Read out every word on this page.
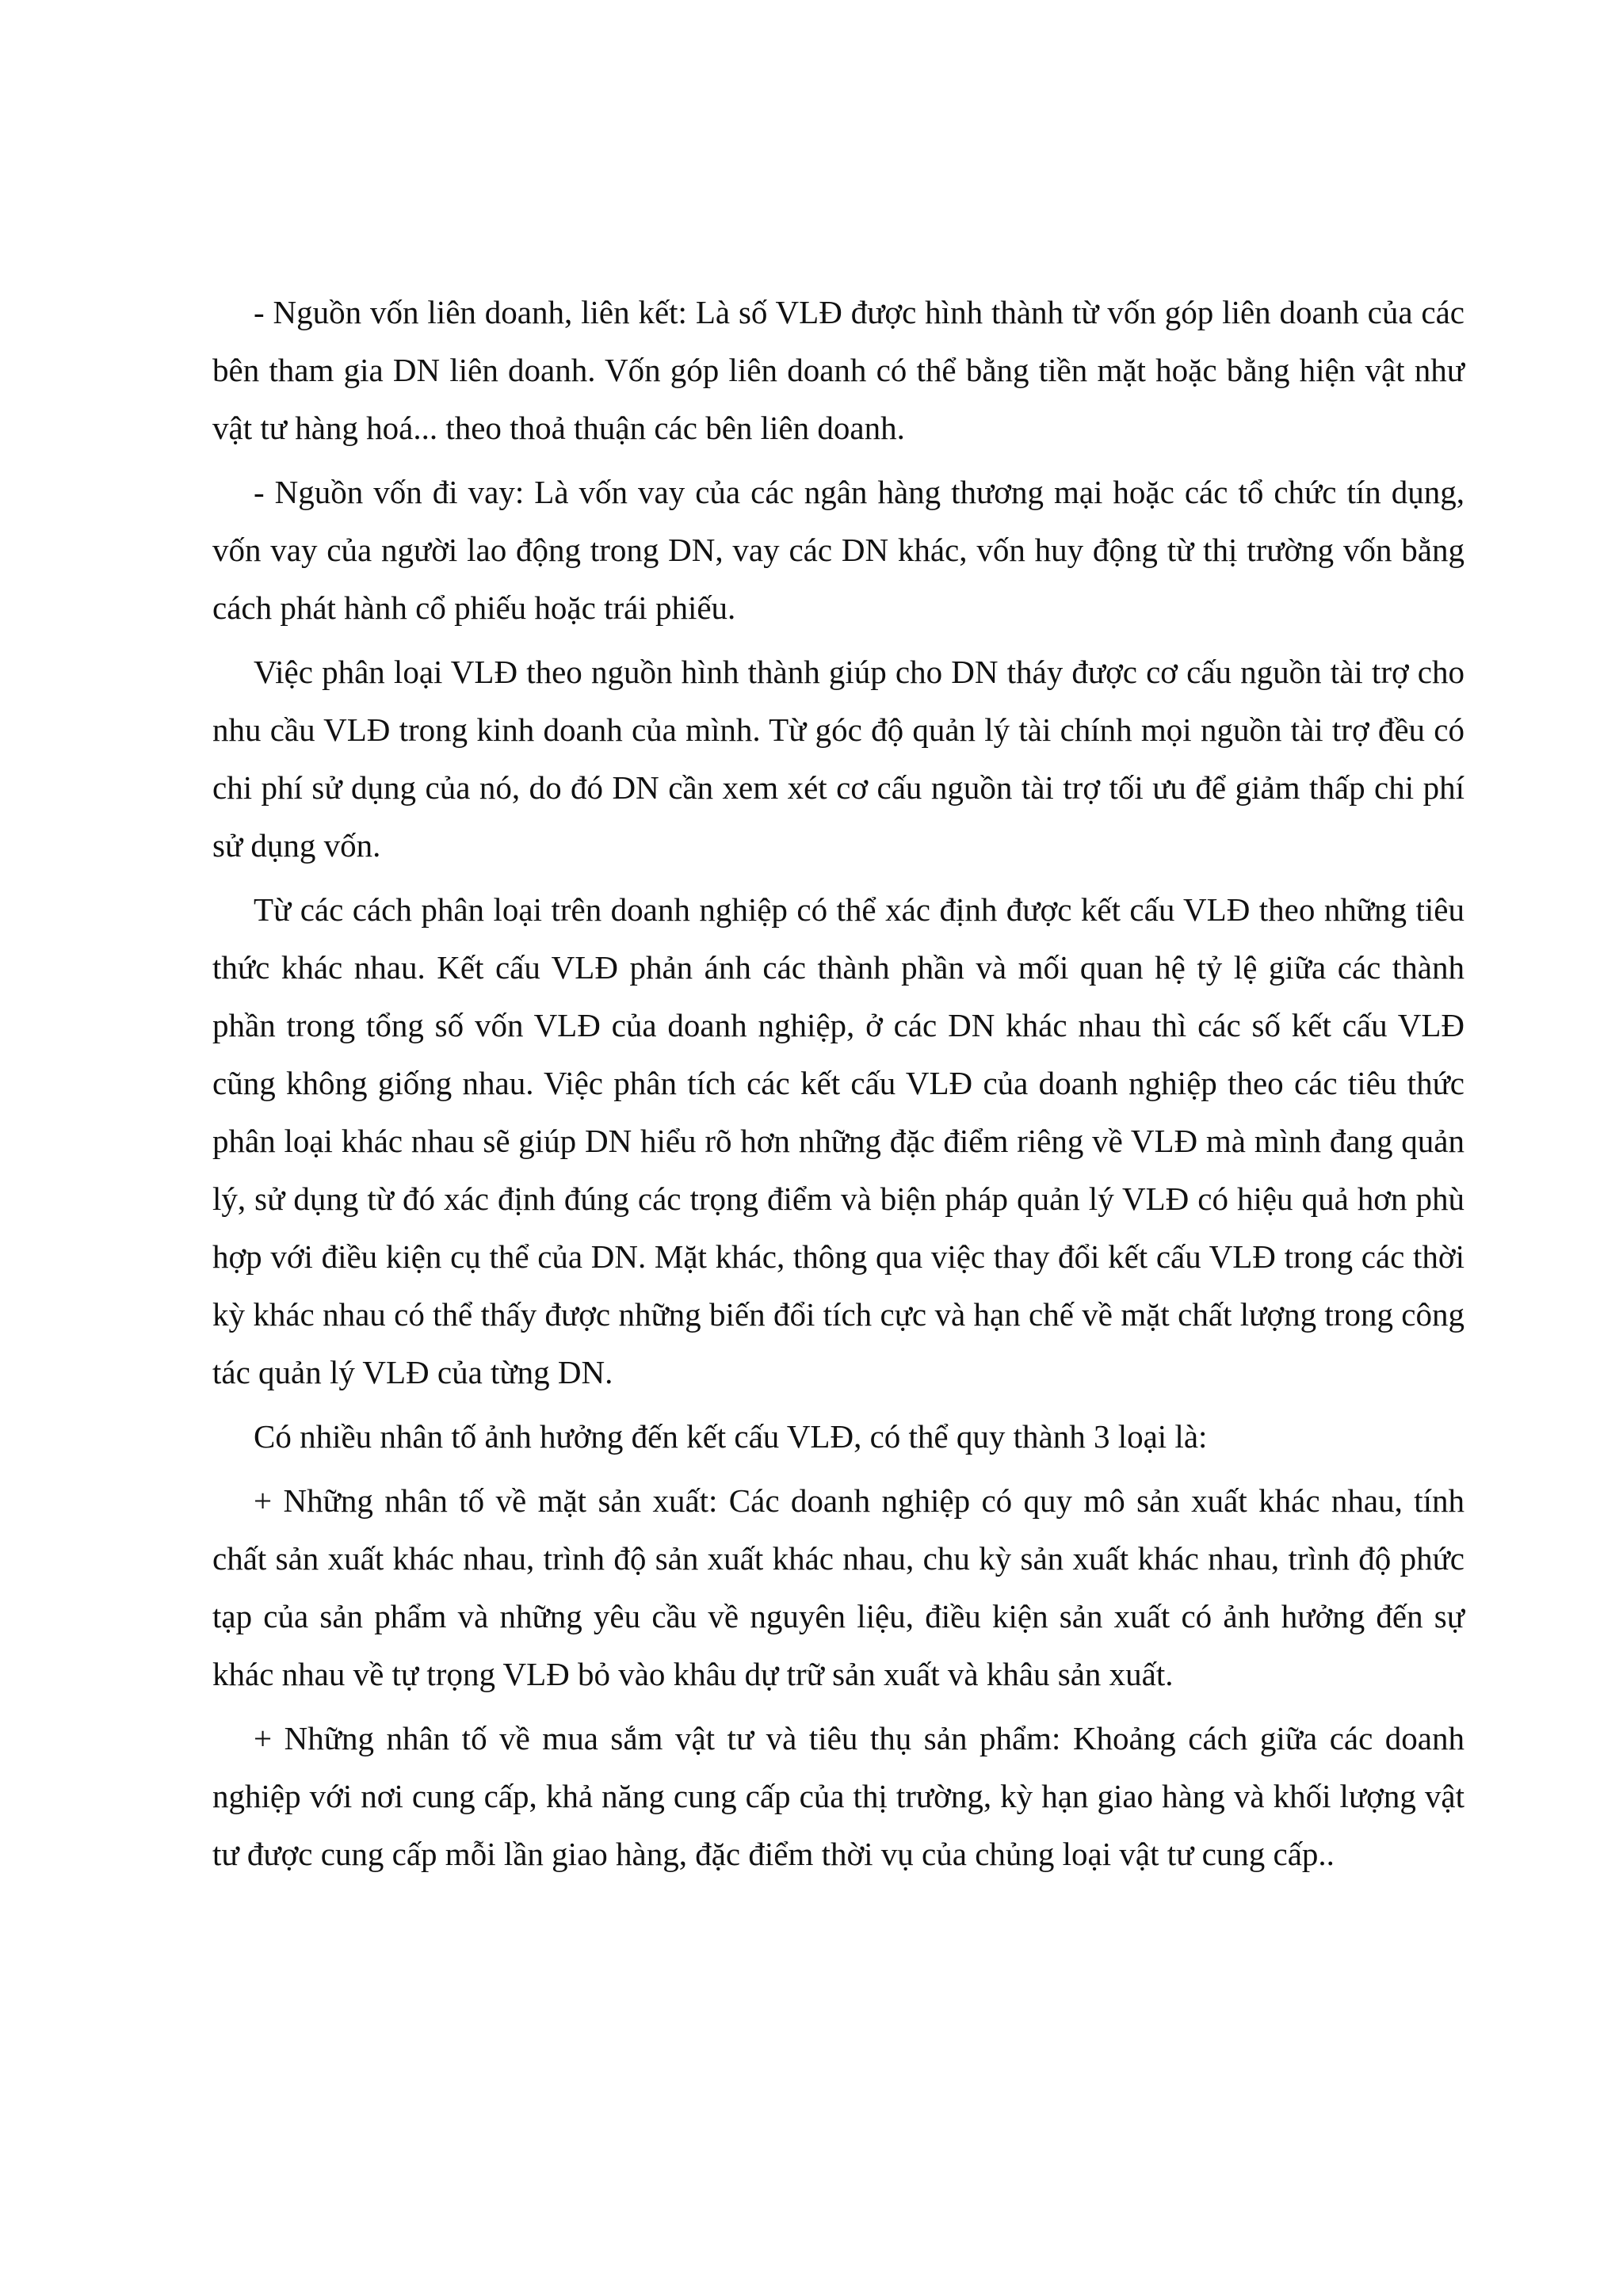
- Nguồn vốn liên doanh, liên kết: Là số VLĐ được hình thành từ vốn góp liên doanh của các bên tham gia DN liên doanh. Vốn góp liên doanh có thể bằng tiền mặt hoặc bằng hiện vật như vật tư hàng hoá... theo thoả thuận các bên liên doanh.

- Nguồn vốn đi vay: Là vốn vay của các ngân hàng thương mại hoặc các tổ chức tín dụng, vốn vay của người lao động trong DN, vay các DN khác, vốn huy động từ thị trường vốn bằng cách phát hành cổ phiếu hoặc trái phiếu.

Việc phân loại VLĐ theo nguồn hình thành giúp cho DN tháy được cơ cấu nguồn tài trợ cho nhu cầu VLĐ trong kinh doanh của mình. Từ góc độ quản lý tài chính mọi nguồn tài trợ đều có chi phí sử dụng của nó, do đó DN cần xem xét cơ cấu nguồn tài trợ tối ưu để giảm thấp chi phí sử dụng vốn.

Từ các cách phân loại trên doanh nghiệp có thể xác định được kết cấu VLĐ theo những tiêu thức khác nhau. Kết cấu VLĐ phản ánh các thành phần và mối quan hệ tỷ lệ giữa các thành phần trong tổng số vốn VLĐ của doanh nghiệp, ở các DN khác nhau thì các số kết cấu VLĐ cũng không giống nhau. Việc phân tích các kết cấu VLĐ của doanh nghiệp theo các tiêu thức phân loại khác nhau sẽ giúp DN hiểu rõ hơn những đặc điểm riêng về VLĐ mà mình đang quản lý, sử dụng từ đó xác định đúng các trọng điểm và biện pháp quản lý VLĐ có hiệu quả hơn phù hợp với điều kiện cụ thể của DN. Mặt khác, thông qua việc thay đổi kết cấu VLĐ trong các thời kỳ khác nhau có thể thấy được những biến đổi tích cực và hạn chế về mặt chất lượng trong công tác quản lý VLĐ của từng DN.

Có nhiều nhân tố ảnh hưởng đến kết cấu VLĐ, có thể quy thành 3 loại là:

+ Những nhân tố về mặt sản xuất: Các doanh nghiệp có quy mô sản xuất khác nhau, tính chất sản xuất khác nhau, trình độ sản xuất khác nhau, chu kỳ sản xuất khác nhau, trình độ phức tạp của sản phẩm và những yêu cầu về nguyên liệu, điều kiện sản xuất có ảnh hưởng đến sự khác nhau về tự trọng VLĐ bỏ vào khâu dự trữ sản xuất và khâu sản xuất.

+ Những nhân tố về mua sắm vật tư và tiêu thụ sản phẩm: Khoảng cách giữa các doanh nghiệp với nơi cung cấp, khả năng cung cấp của thị trường, kỳ hạn giao hàng và khối lượng vật tư được cung cấp mỗi lần giao hàng, đặc điểm thời vụ của chủng loại vật tư cung cấp..
